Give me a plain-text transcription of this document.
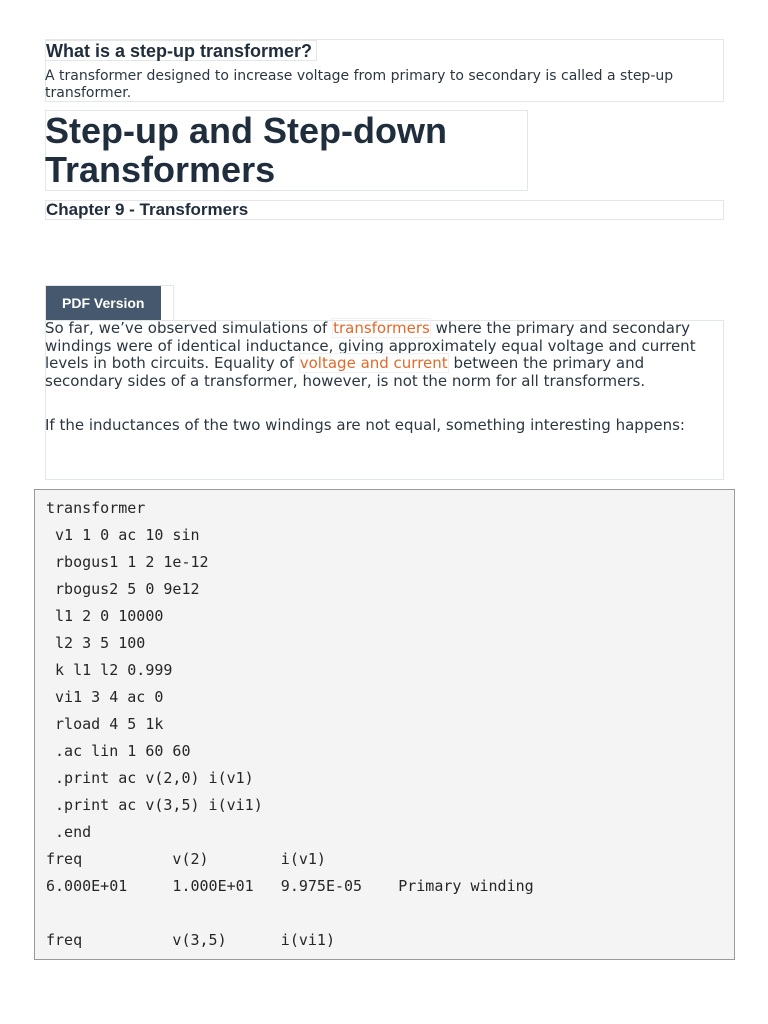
What is a step-up transformer?
A transformer designed to increase voltage from primary to secondary is called a step-up transformer.
Step-up and Step-down Transformers
Chapter 9 - Transformers
PDF Version

So far, we’ve observed simulations of transformers where the primary and secondary windings were of identical inductance, giving approximately equal voltage and current levels in both circuits. Equality of voltage and current between the primary and secondary sides of a transformer, however, is not the norm for all transformers.

If the inductances of the two windings are not equal, something interesting happens:

transformer
v1 1 0 ac 10 sin
rbogus1 1 2 1e-12
rbogus2 5 0 9e12
l1 2 0 10000
l2 3 5 100
k l1 l2 0.999
vi1 3 4 ac 0
rload 4 5 1k
.ac lin 1 60 60
.print ac v(2,0) i(v1)
.print ac v(3,5) i(vi1)
.end
freq          v(2)        i(v1)
6.000E+01     1.000E+01   9.975E-05    Primary winding

freq          v(3,5)      i(vi1)
